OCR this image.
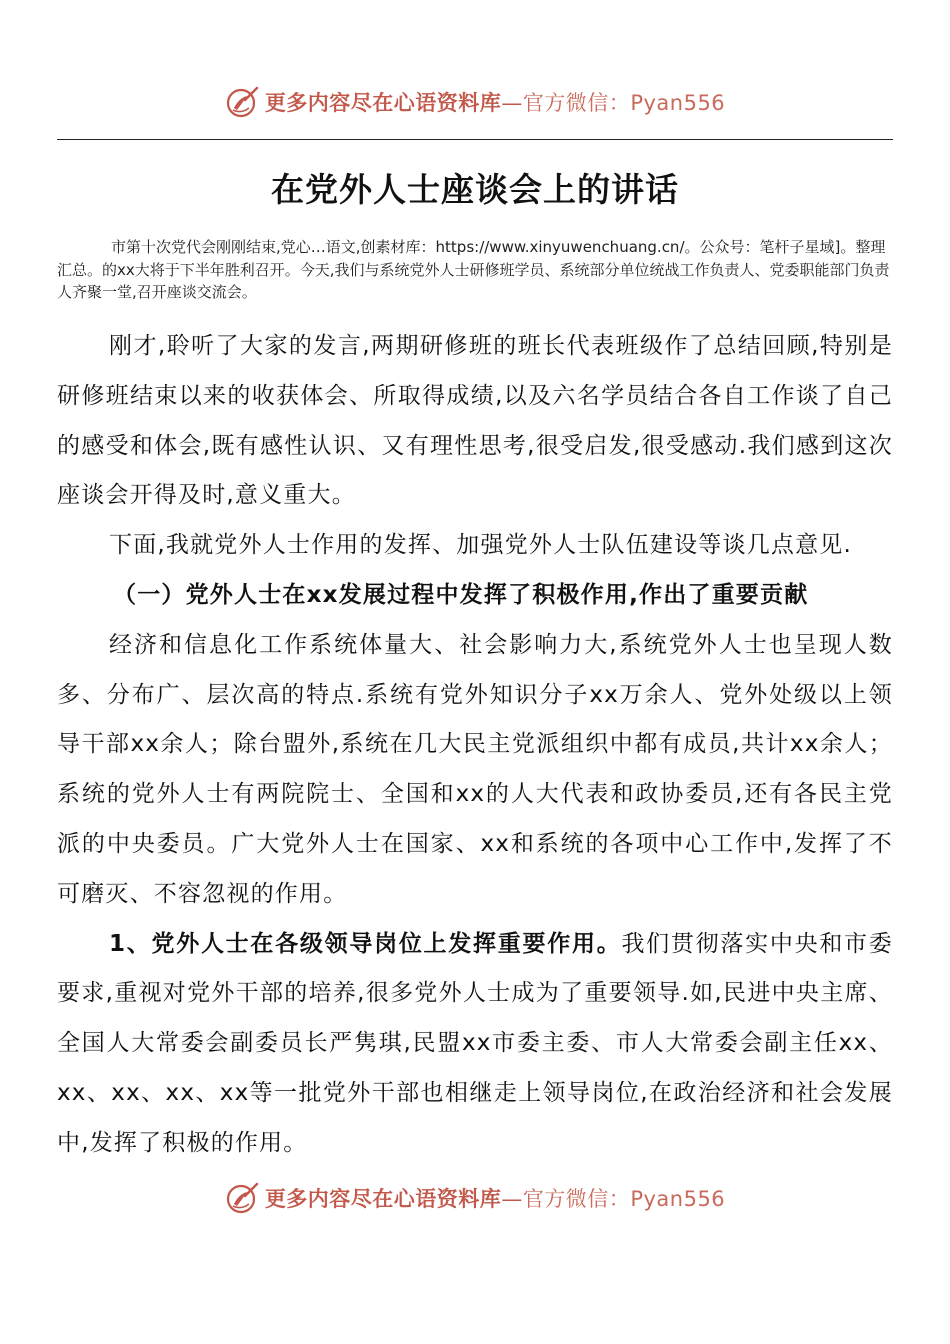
更多内容尽在心语资料库—官方微信：Pyan556
在党外人士座谈会上的讲话

市第十次党代会刚刚结束,党心…语文,创素材库：https://www.xinyuwenchuang.cn/。公众号：笔杆子星域]。整理汇总。的xx大将于下半年胜利召开。今天,我们与系统党外人士研修班学员、系统部分单位统战工作负责人、党委职能部门负责人齐聚一堂,召开座谈交流会。

刚才,聆听了大家的发言,两期研修班的班长代表班级作了总结回顾,特别是研修班结束以来的收获体会、所取得成绩,以及六名学员结合各自工作谈了自己的感受和体会,既有感性认识、又有理性思考,很受启发,很受感动.我们感到这次座谈会开得及时,意义重大。

下面,我就党外人士作用的发挥、加强党外人士队伍建设等谈几点意见.

（一）党外人士在xx发展过程中发挥了积极作用,作出了重要贡献

经济和信息化工作系统体量大、社会影响力大,系统党外人士也呈现人数多、分布广、层次高的特点.系统有党外知识分子xx万余人、党外处级以上领导干部xx余人；除台盟外,系统在几大民主党派组织中都有成员,共计xx余人；系统的党外人士有两院院士、全国和xx的人大代表和政协委员,还有各民主党派的中央委员。广大党外人士在国家、xx和系统的各项中心工作中,发挥了不可磨灭、不容忽视的作用。

1、党外人士在各级领导岗位上发挥重要作用。我们贯彻落实中央和市委要求,重视对党外干部的培养,很多党外人士成为了重要领导.如,民进中央主席、全国人大常委会副委员长严隽琪,民盟xx市委主委、市人大常委会副主任xx、xx、xx、xx、xx等一批党外干部也相继走上领导岗位,在政治经济和社会发展中,发挥了积极的作用。

更多内容尽在心语资料库—官方微信：Pyan556
